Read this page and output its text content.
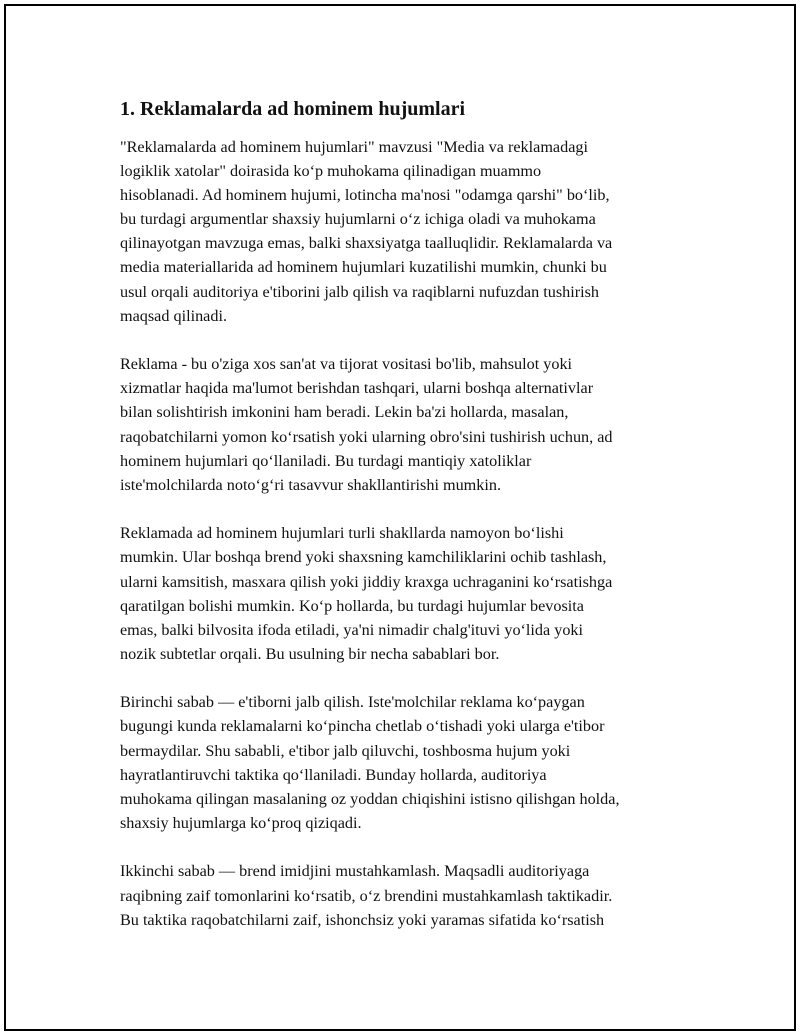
1. Reklamalarda ad hominem hujumlari

"Reklamalarda ad hominem hujumlari" mavzusi "Media va reklamadagi
logiklik xatolar" doirasida koʻp muhokama qilinadigan muammo
hisoblanadi. Ad hominem hujumi, lotincha ma'nosi "odamga qarshi" boʻlib,
bu turdagi argumentlar shaxsiy hujumlarni oʻz ichiga oladi va muhokama
qilinayotgan mavzuga emas, balki shaxsiyatga taalluqlidir. Reklamalarda va
media materiallarida ad hominem hujumlari kuzatilishi mumkin, chunki bu
usul orqali auditoriya e'tiborini jalb qilish va raqiblarni nufuzdan tushirish
maqsad qilinadi.

Reklama - bu o'ziga xos san'at va tijorat vositasi bo'lib, mahsulot yoki
xizmatlar haqida ma'lumot berishdan tashqari, ularni boshqa alternativlar
bilan solishtirish imkonini ham beradi. Lekin ba'zi hollarda, masalan,
raqobatchilarni yomon koʻrsatish yoki ularning obro'sini tushirish uchun, ad
hominem hujumlari qoʻllaniladi. Bu turdagi mantiqiy xatoliklar
iste'molchilarda notoʻgʻri tasavvur shakllantirishi mumkin.

Reklamada ad hominem hujumlari turli shakllarda namoyon boʻlishi
mumkin. Ular boshqa brend yoki shaxsning kamchiliklarini ochib tashlash,
ularni kamsitish, masxara qilish yoki jiddiy kraxga uchraganini koʻrsatishga
qaratilgan bolishi mumkin. Koʻp hollarda, bu turdagi hujumlar bevosita
emas, balki bilvosita ifoda etiladi, ya'ni nimadir chalg'ituvi yoʻlida yoki
nozik subtetlar orqali. Bu usulning bir necha sabablari bor.

Birinchi sabab — e'tiborni jalb qilish. Iste'molchilar reklama koʻpaygan
bugungi kunda reklamalarni koʻpincha chetlab oʻtishadi yoki ularga e'tibor
bermaydilar. Shu sababli, e'tibor jalb qiluvchi, toshbosma hujum yoki
hayratlantiruvchi taktika qoʻllaniladi. Bunday hollarda, auditoriya
muhokama qilingan masalaning oz yoddan chiqishini istisno qilishgan holda,
shaxsiy hujumlarga koʻproq qiziqadi.

Ikkinchi sabab — brend imidjini mustahkamlash. Maqsadli auditoriyaga
raqibning zaif tomonlarini koʻrsatib, oʻz brendini mustahkamlash taktikadir.
Bu taktika raqobatchilarni zaif, ishonchsiz yoki yaramas sifatida koʻrsatish
